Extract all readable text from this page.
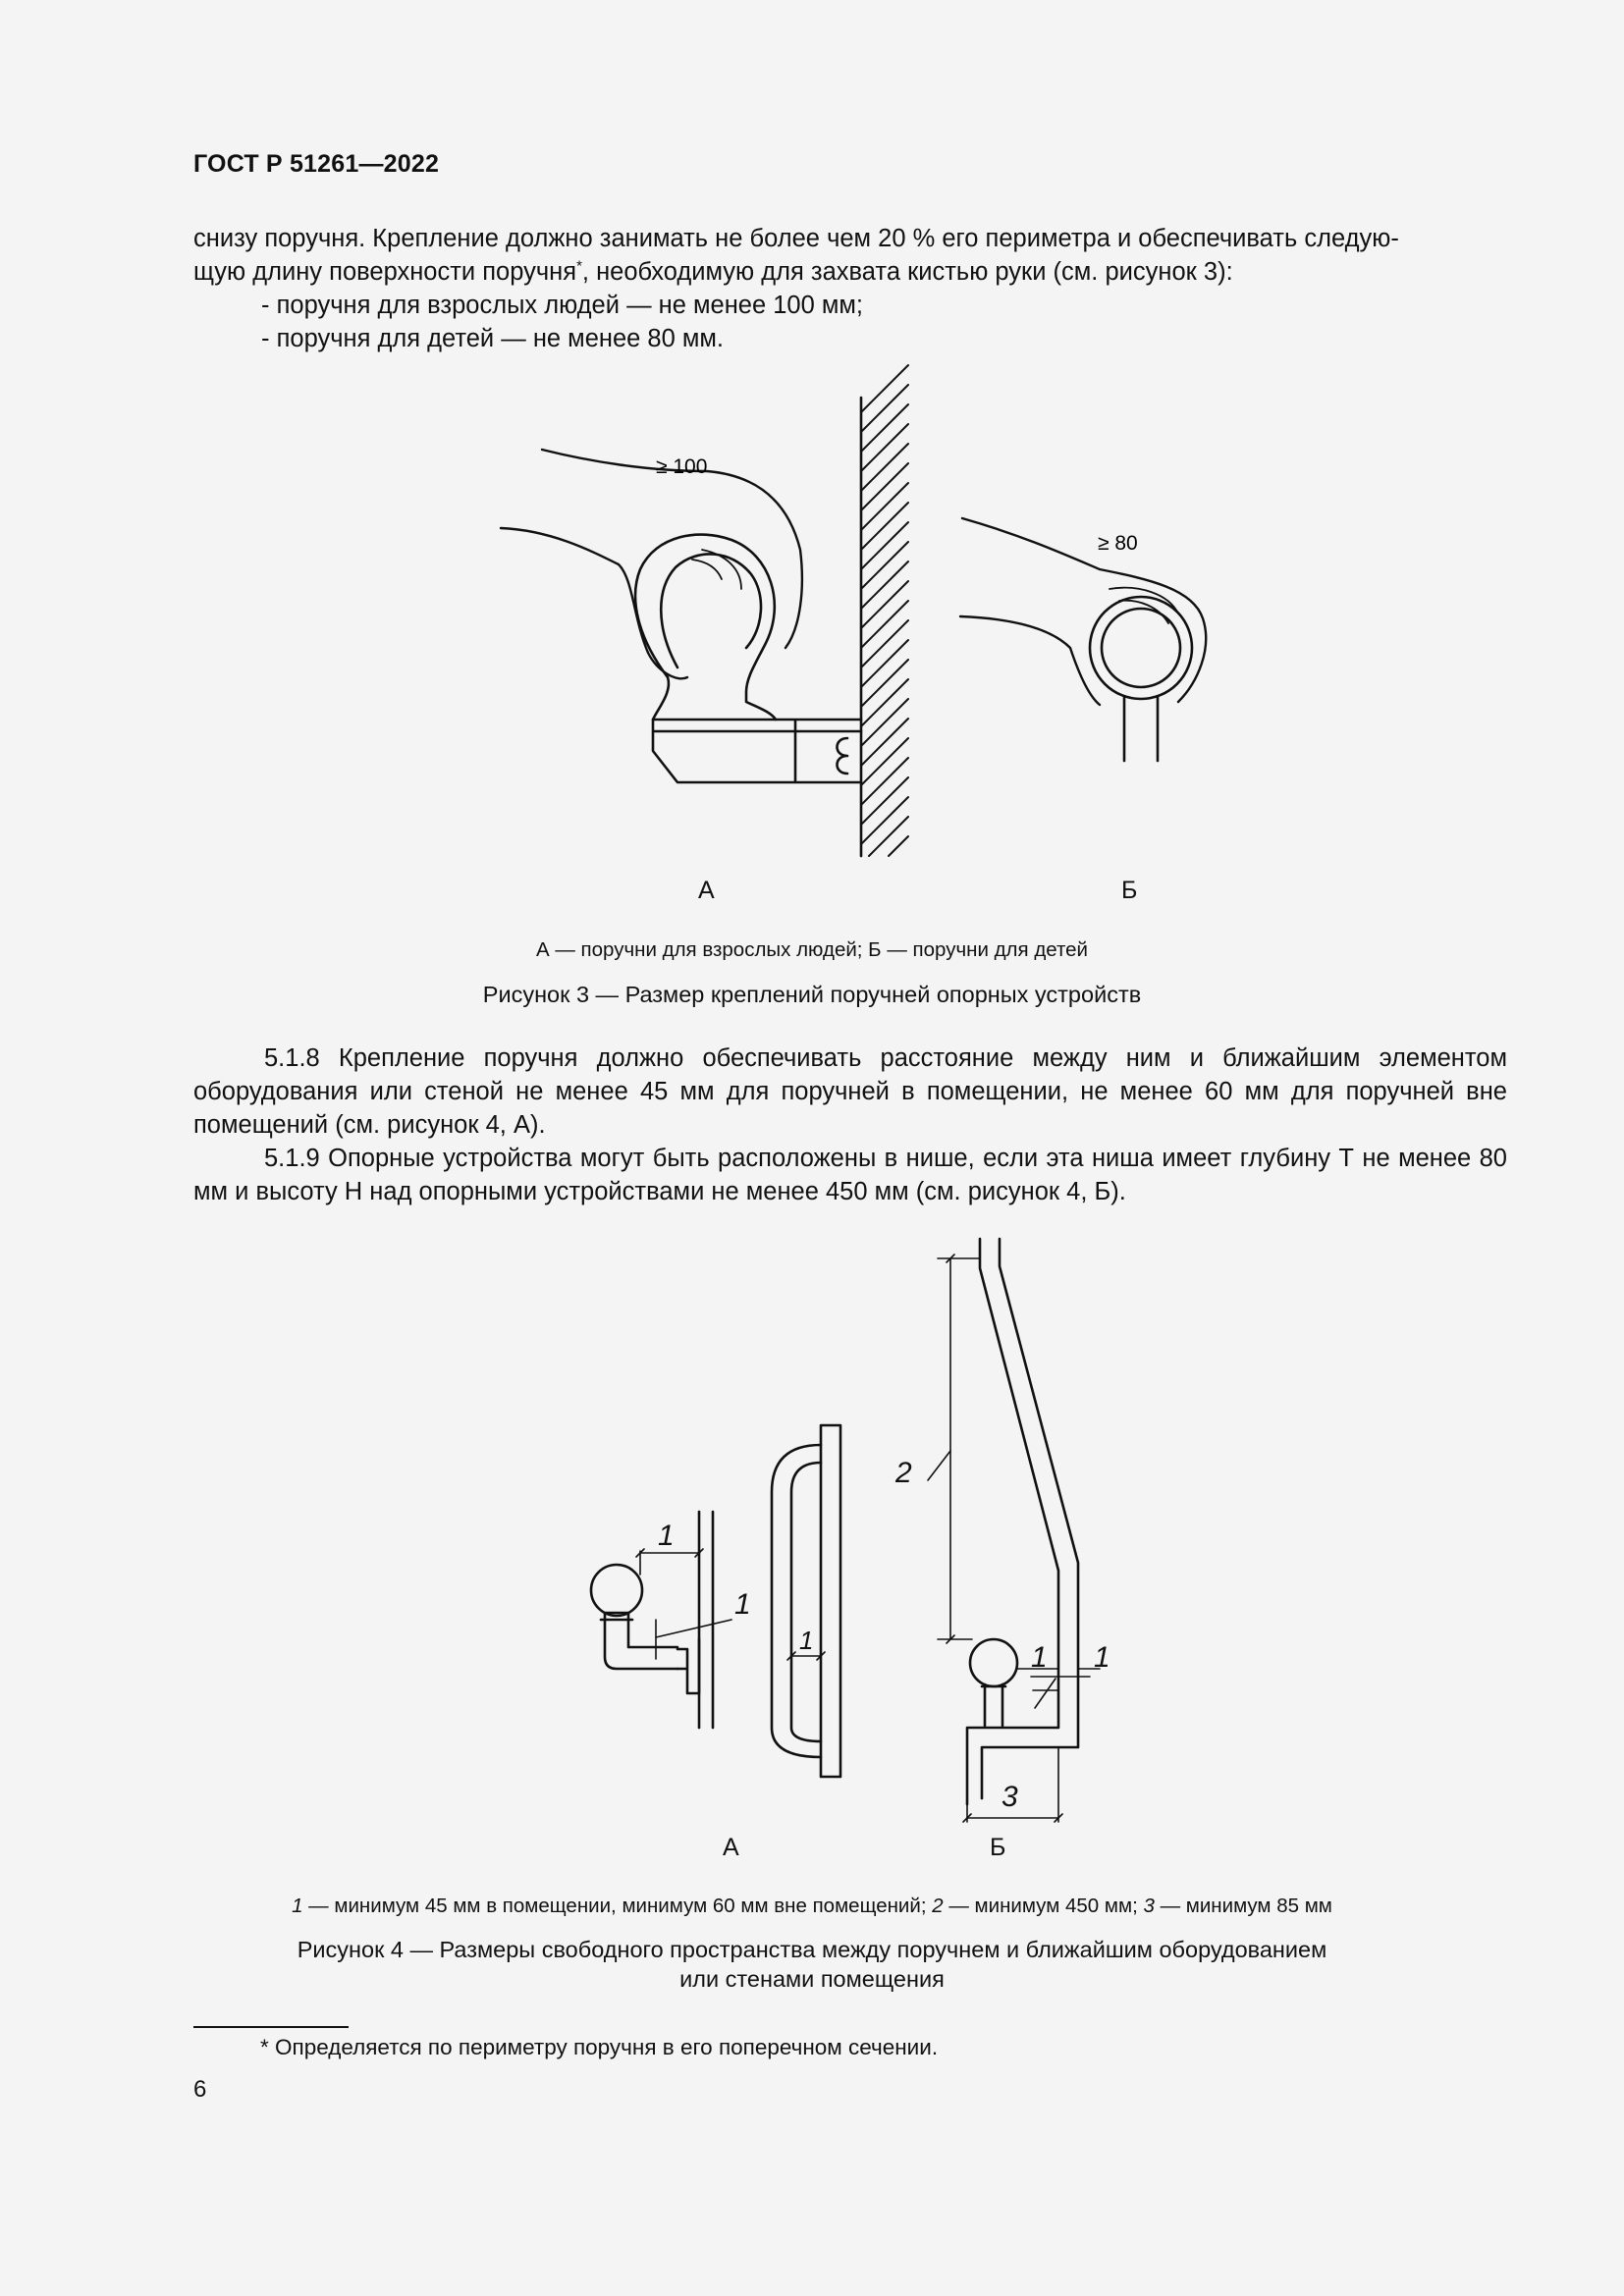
ГОСТ Р 51261—2022

снизу поручня. Крепление должно занимать не более чем 20 % его периметра и обеспечивать следую-

щую длину поверхности поручня*, необходимую для захвата кистью руки (см. рисунок 3):

- поручня для взрослых людей — не менее 100 мм;
- поручня для детей — не менее 80 мм.
≥ 100
≥ 80
А	Б
А — поручни для взрослых людей; Б — поручни для детей
Рисунок 3 — Размер креплений поручней опорных устройств

5.1.8 Крепление поручня должно обеспечивать расстояние между ним и ближайшим элементом оборудования или стеной не менее 45 мм для поручней в помещении, не менее 60 мм для поручней вне помещений (см. рисунок 4, А).

5.1.9 Опорные устройства могут быть расположены в нише, если эта ниша имеет глубину Т не менее 80 мм и высоту Н над опорными устройствами не менее 450 мм (см. рисунок 4, Б).

1
1
1
2
1 1
3
А	Б
1 — минимум 45 мм в помещении, минимум 60 мм вне помещений; 2 — минимум 450 мм; 3 — минимум 85 мм
Рисунок 4 — Размеры свободного пространства между поручнем и ближайшим оборудованием
или стенами помещения
* Определяется по периметру поручня в его поперечном сечении.
6
